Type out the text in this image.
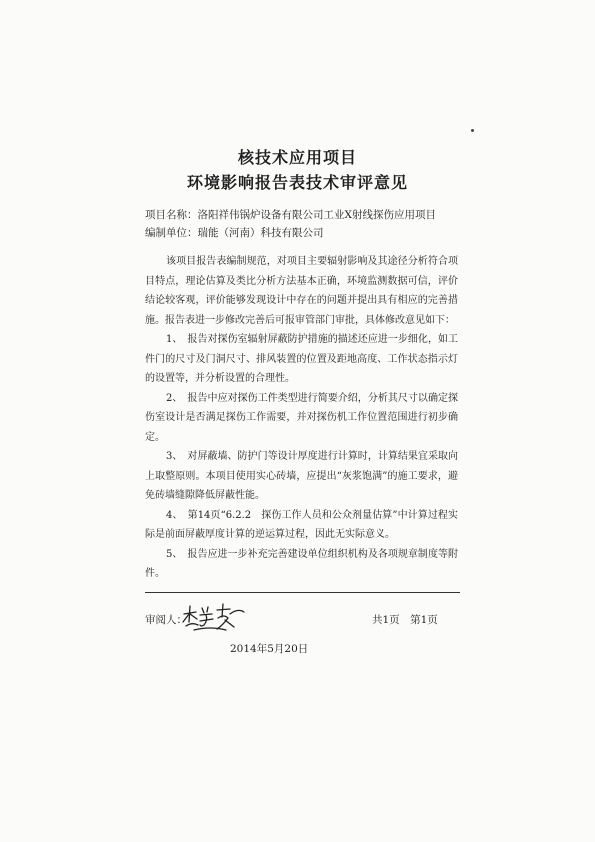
核技术应用项目
环境影响报告表技术审评意见
项目名称：洛阳祥伟锅炉设备有限公司工业X射线探伤应用项目
编制单位：瑞能（河南）科技有限公司

该项目报告表编制规范，对项目主要辐射影响及其途径分析符合项目特点，理论估算及类比分析方法基本正确，环境监测数据可信，评价结论较客观，评价能够发现设计中存在的问题并提出具有相应的完善措施。报告表进一步修改完善后可报审管部门审批，具体修改意见如下：

1、　报告对探伤室辐射屏蔽防护措施的描述还应进一步细化，如工件门的尺寸及门洞尺寸、排风装置的位置及距地高度、工作状态指示灯的设置等，并分析设置的合理性。

2、　报告中应对探伤工件类型进行简要介绍，分析其尺寸以确定探伤室设计是否满足探伤工作需要，并对探伤机工作位置范围进行初步确定。

3、　对屏蔽墙、防护门等设计厚度进行计算时，计算结果宜采取向上取整原则。本项目使用实心砖墙，应提出“灰浆饱满”的施工要求，避免砖墙缝隙降低屏蔽性能。

4、　第14页“6.2.2　探伤工作人员和公众剂量估算”中计算过程实际是前面屏蔽厚度计算的逆运算过程，因此无实际意义。

5、　报告应进一步补充完善建设单位组织机构及各项规章制度等附件。

审阅人：	共1页　第1页
2014年5月20日
